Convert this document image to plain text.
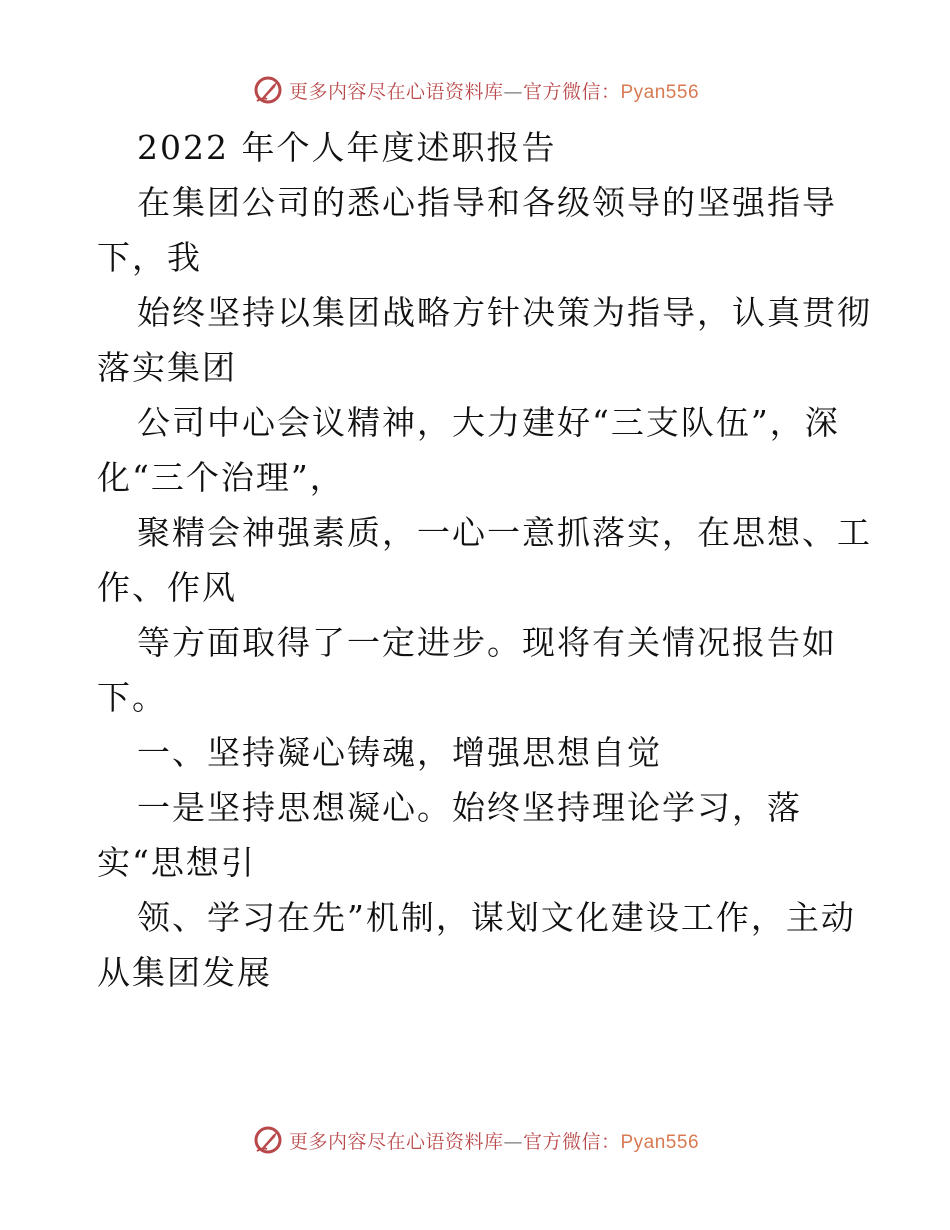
更多内容尽在心语资料库—官方微信：Pyan556
2022 年个人年度述职报告
在集团公司的悉心指导和各级领导的坚强指导
下，我
始终坚持以集团战略方针决策为指导，认真贯彻
落实集团
公司中心会议精神，大力建好“三支队伍”，深
化“三个治理”，
聚精会神强素质，一心一意抓落实，在思想、工
作、作风
等方面取得了一定进步。现将有关情况报告如
下。
一、坚持凝心铸魂，增强思想自觉
一是坚持思想凝心。始终坚持理论学习，落
实“思想引
领、学习在先”机制，谋划文化建设工作，主动
从集团发展
更多内容尽在心语资料库—官方微信：Pyan556
